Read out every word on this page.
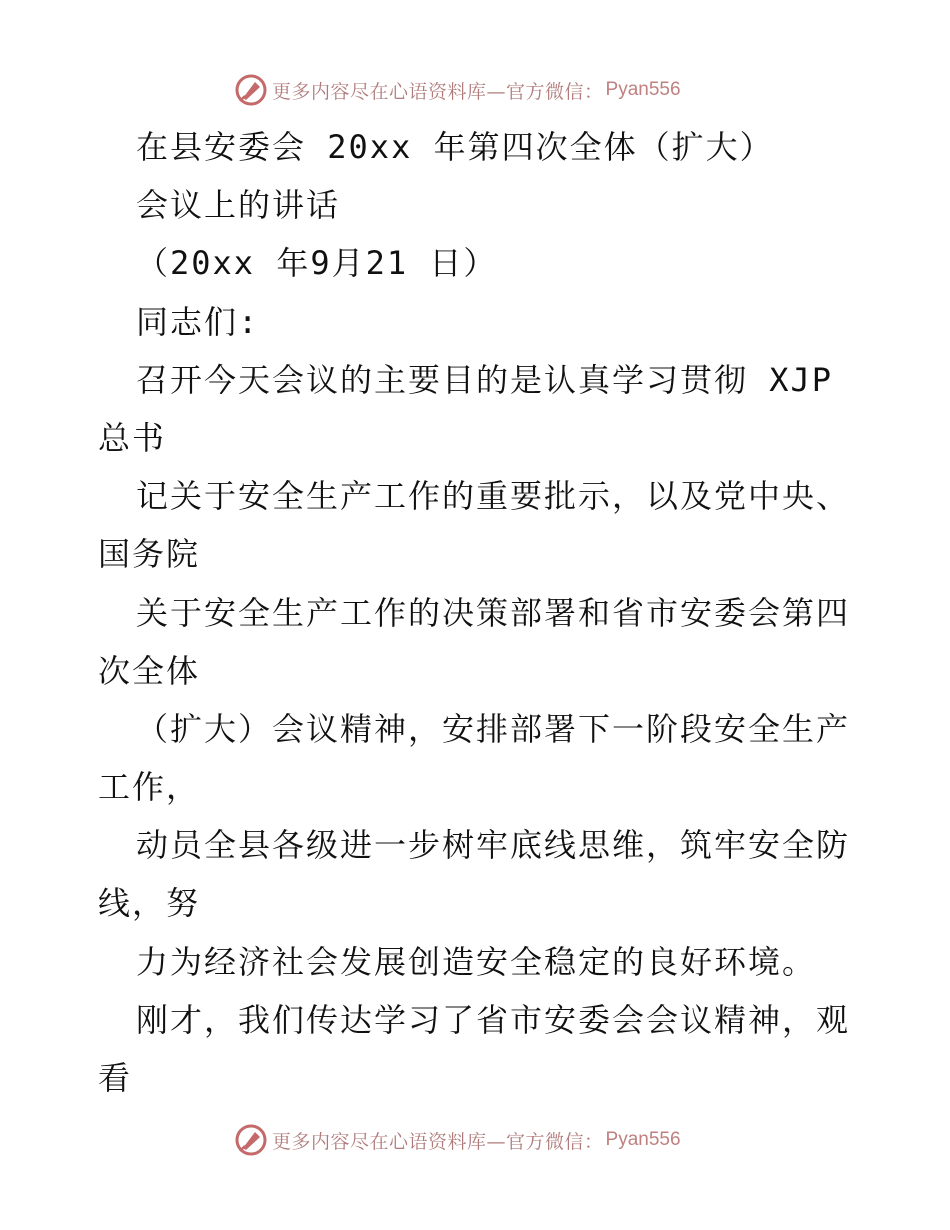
更多内容尽在心语资料库—官方微信： Pyan556
在县安委会 20xx 年第四次全体（扩大）
会议上的讲话
（20xx 年9月21 日）
同志们:
召开今天会议的主要目的是认真学习贯彻 XJP
总书
记关于安全生产工作的重要批示，以及党中央、
国务院
关于安全生产工作的决策部署和省市安委会第四
次全体
（扩大）会议精神，安排部署下一阶段安全生产
工作，
动员全县各级进一步树牢底线思维，筑牢安全防
线，努
力为经济社会发展创造安全稳定的良好环境。
刚才，我们传达学习了省市安委会会议精神，观
看
更多内容尽在心语资料库—官方微信： Pyan556
